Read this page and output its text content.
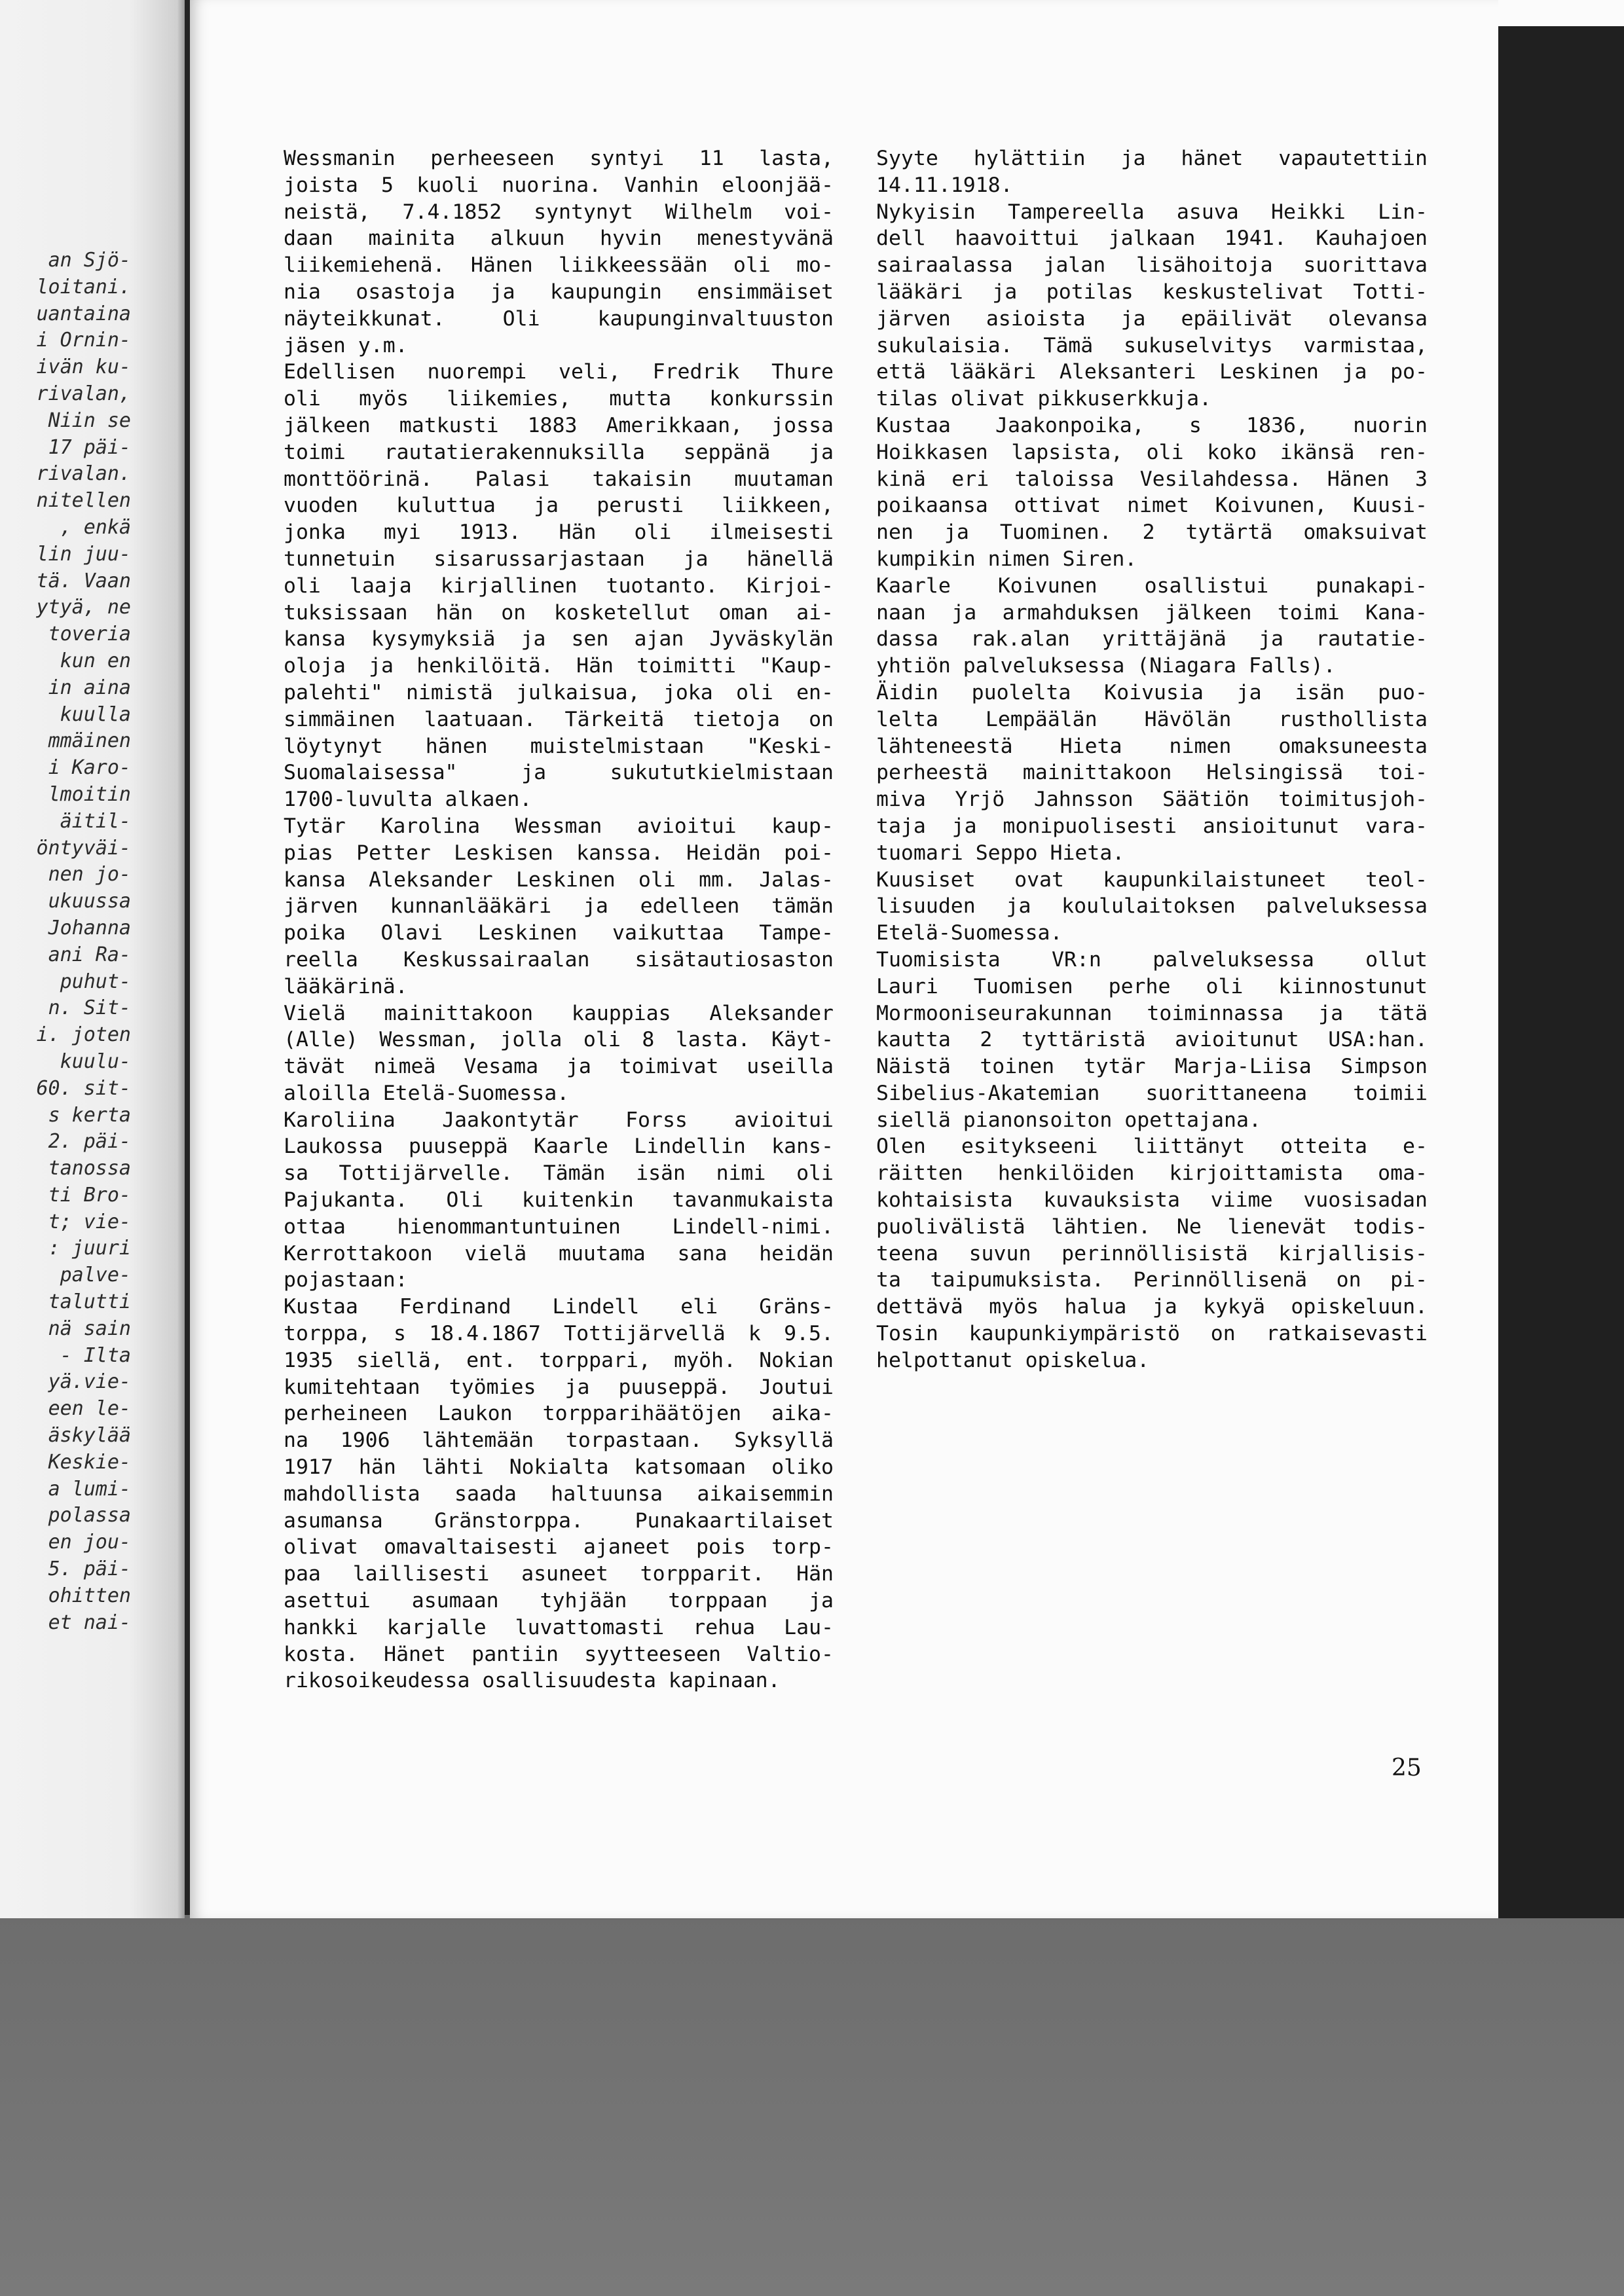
an Sjö-
loitani.
uantaina
i Ornin-
ivän ku-
rivalan,
Niin se
17 päi-
rivalan.
nitellen
, enkä
lin juu-
tä. Vaan
ytyä, ne
toveria
kun en
in aina
kuulla
mmäinen
i Karo-
lmoitin
äitil-
öntyväi-
nen jo-
ukuussa
Johanna
ani Ra-
puhut-
n. Sit-
i. joten
kuulu-
60. sit-
s kerta
2. päi-
tanossa
ti Bro-
t; vie-
: juuri
palve-
talutti
nä sain
- Ilta
yä.vie-
een le-
äskylää
Keskie-
a lumi-
polassa
en jou-
5. päi-
ohitten
et nai-
Wessmanin perheeseen syntyi 11 lasta,
joista 5 kuoli nuorina. Vanhin eloonjää-
neistä, 7.4.1852 syntynyt Wilhelm voi-
daan mainita alkuun hyvin menestyvänä
liikemiehenä. Hänen liikkeessään oli mo-
nia osastoja ja kaupungin ensimmäiset
näyteikkunat. Oli kaupunginvaltuuston
jäsen y.m.
Edellisen nuorempi veli, Fredrik Thure
oli myös liikemies, mutta konkurssin
jälkeen matkusti 1883 Amerikkaan, jossa
toimi rautatierakennuksilla seppänä ja
monttöörinä. Palasi takaisin muutaman
vuoden kuluttua ja perusti liikkeen,
jonka myi 1913. Hän oli ilmeisesti
tunnetuin sisarussarjastaan ja hänellä
oli laaja kirjallinen tuotanto. Kirjoi-
tuksissaan hän on kosketellut oman ai-
kansa kysymyksiä ja sen ajan Jyväskylän
oloja ja henkilöitä. Hän toimitti "Kaup-
palehti" nimistä julkaisua, joka oli en-
simmäinen laatuaan. Tärkeitä tietoja on
löytynyt hänen muistelmistaan "Keski-
Suomalaisessa" ja sukututkielmistaan
1700-luvulta alkaen.
Tytär Karolina Wessman avioitui kaup-
pias Petter Leskisen kanssa. Heidän poi-
kansa Aleksander Leskinen oli mm. Jalas-
järven kunnanlääkäri ja edelleen tämän
poika Olavi Leskinen vaikuttaa Tampe-
reella Keskussairaalan sisätautiosaston
lääkärinä.
Vielä mainittakoon kauppias Aleksander
(Alle) Wessman, jolla oli 8 lasta. Käyt-
tävät nimeä Vesama ja toimivat useilla
aloilla Etelä-Suomessa.
Karoliina Jaakontytär Forss avioitui
Laukossa puuseppä Kaarle Lindellin kans-
sa Tottijärvelle. Tämän isän nimi oli
Pajukanta. Oli kuitenkin tavanmukaista
ottaa hienommantuntuinen Lindell-nimi.
Kerrottakoon vielä muutama sana heidän
pojastaan:
Kustaa Ferdinand Lindell eli Gräns-
torppa, s 18.4.1867 Tottijärvellä k 9.5.
1935 siellä, ent. torppari, myöh. Nokian
kumitehtaan työmies ja puuseppä. Joutui
perheineen Laukon torpparihäätöjen aika-
na 1906 lähtemään torpastaan. Syksyllä
1917 hän lähti Nokialta katsomaan oliko
mahdollista saada haltuunsa aikaisemmin
asumansa Gränstorppa. Punakaartilaiset
olivat omavaltaisesti ajaneet pois torp-
paa laillisesti asuneet torpparit. Hän
asettui asumaan tyhjään torppaan ja
hankki karjalle luvattomasti rehua Lau-
kosta. Hänet pantiin syytteeseen Valtio-
rikosoikeudessa osallisuudesta kapinaan.
Syyte hylättiin ja hänet vapautettiin
14.11.1918.
Nykyisin Tampereella asuva Heikki Lin-
dell haavoittui jalkaan 1941. Kauhajoen
sairaalassa jalan lisähoitoja suorittava
lääkäri ja potilas keskustelivat Totti-
järven asioista ja epäilivät olevansa
sukulaisia. Tämä sukuselvitys varmistaa,
että lääkäri Aleksanteri Leskinen ja po-
tilas olivat pikkuserkkuja.
Kustaa Jaakonpoika, s 1836, nuorin
Hoikkasen lapsista, oli koko ikänsä ren-
kinä eri taloissa Vesilahdessa. Hänen 3
poikaansa ottivat nimet Koivunen, Kuusi-
nen ja Tuominen. 2 tytärtä omaksuivat
kumpikin nimen Siren.
Kaarle Koivunen osallistui punakapi-
naan ja armahduksen jälkeen toimi Kana-
dassa rak.alan yrittäjänä ja rautatie-
yhtiön palveluksessa (Niagara Falls).
Äidin puolelta Koivusia ja isän puo-
lelta Lempäälän Hävölän rusthollista
lähteneestä Hieta nimen omaksuneesta
perheestä mainittakoon Helsingissä toi-
miva Yrjö Jahnsson Säätiön toimitusjoh-
taja ja monipuolisesti ansioitunut vara-
tuomari Seppo Hieta.
Kuusiset ovat kaupunkilaistuneet teol-
lisuuden ja koululaitoksen palveluksessa
Etelä-Suomessa.
Tuomisista VR:n palveluksessa ollut
Lauri Tuomisen perhe oli kiinnostunut
Mormooniseurakunnan toiminnassa ja tätä
kautta 2 tyttäristä avioitunut USA:han.
Näistä toinen tytär Marja-Liisa Simpson
Sibelius-Akatemian suorittaneena toimii
siellä pianonsoiton opettajana.
Olen esitykseeni liittänyt otteita e-
räitten henkilöiden kirjoittamista oma-
kohtaisista kuvauksista viime vuosisadan
puolivälistä lähtien. Ne lienevät todis-
teena suvun perinnöllisistä kirjallisis-
ta taipumuksista. Perinnöllisenä on pi-
dettävä myös halua ja kykyä opiskeluun.
Tosin kaupunkiympäristö on ratkaisevasti
helpottanut opiskelua.
25
